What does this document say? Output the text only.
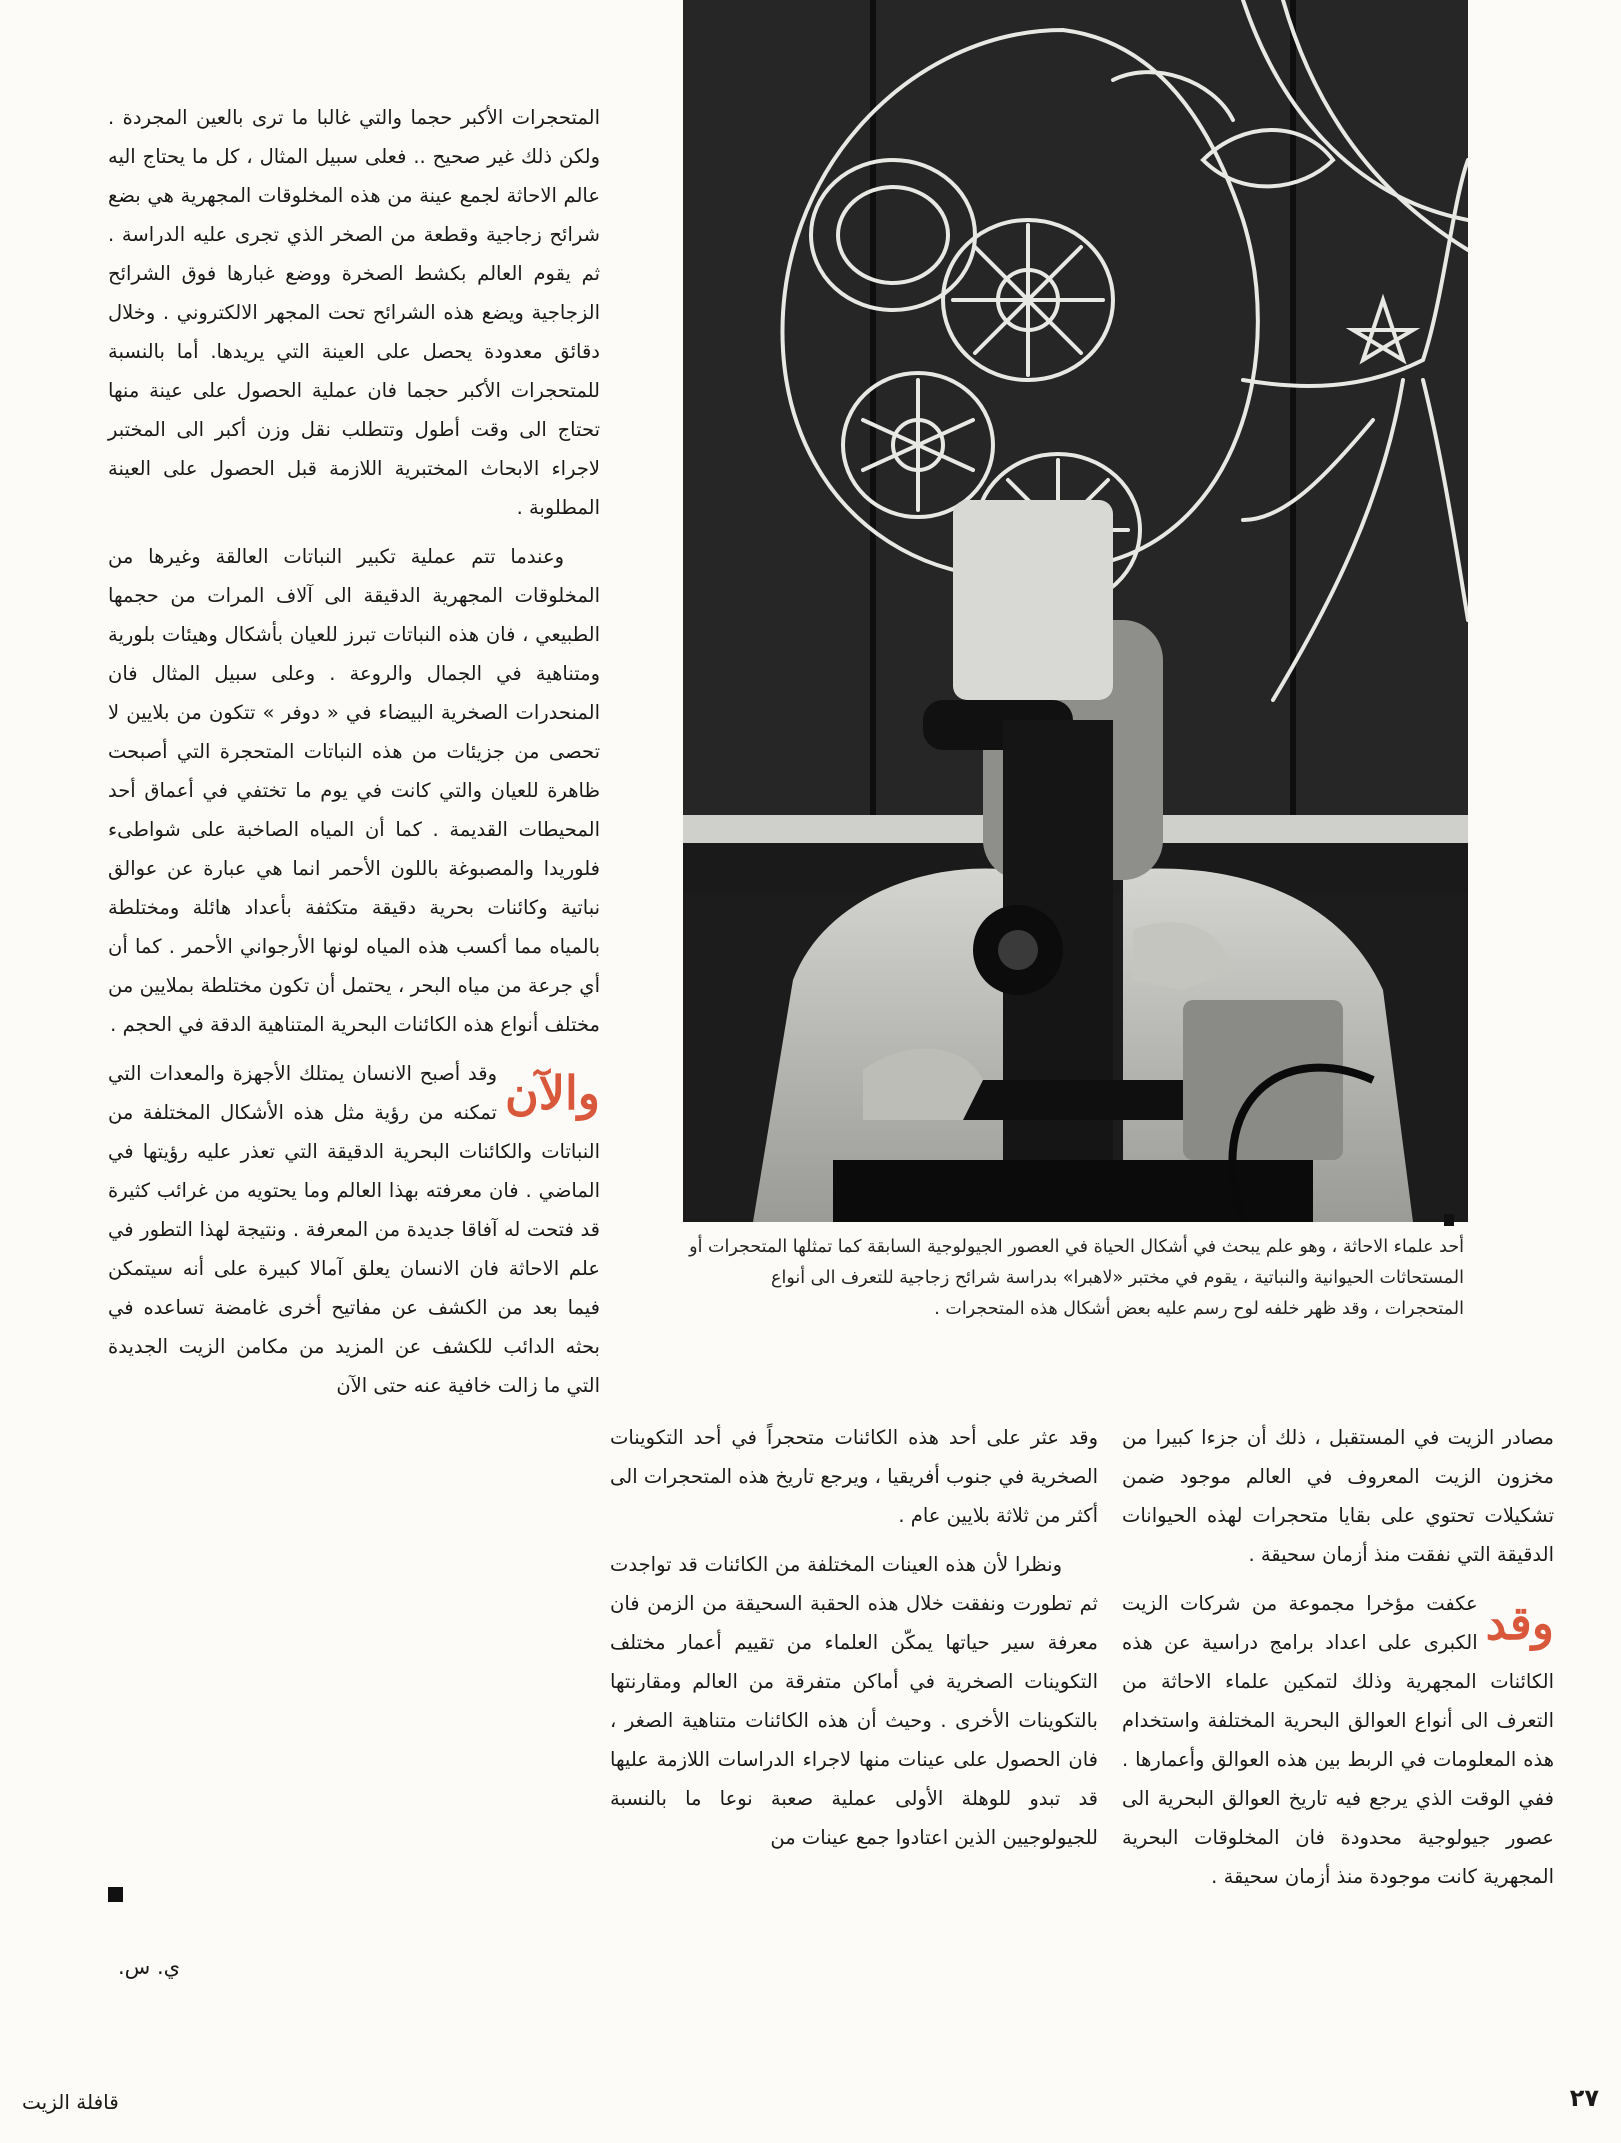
المتحجرات الأكبر حجما والتي غالبا ما ترى بالعين المجردة . ولكن ذلك غير صحيح .. فعلى سبيل المثال ، كل ما يحتاج اليه عالم الاحاثة لجمع عينة من هذه المخلوقات المجهرية هي بضع شرائح زجاجية وقطعة من الصخر الذي تجرى عليه الدراسة . ثم يقوم العالم بكشط الصخرة ووضع غبارها فوق الشرائح الزجاجية ويضع هذه الشرائح تحت المجهر الالكتروني . وخلال دقائق معدودة يحصل على العينة التي يريدها. أما بالنسبة للمتحجرات الأكبر حجما فان عملية الحصول على عينة منها تحتاج الى وقت أطول وتتطلب نقل وزن أكبر الى المختبر لاجراء الابحاث المختبرية اللازمة قبل الحصول على العينة المطلوبة .

وعندما تتم عملية تكبير النباتات العالقة وغيرها من المخلوقات المجهرية الدقيقة الى آلاف المرات من حجمها الطبيعي ، فان هذه النباتات تبرز للعيان بأشكال وهيئات بلورية ومتناهية في الجمال والروعة . وعلى سبيل المثال فان المنحدرات الصخرية البيضاء في « دوفر » تتكون من بلايين لا تحصى من جزيئات من هذه النباتات المتحجرة التي أصبحت ظاهرة للعيان والتي كانت في يوم ما تختفي في أعماق أحد المحيطات القديمة . كما أن المياه الصاخبة على شواطىء فلوريدا والمصبوغة باللون الأحمر انما هي عبارة عن عوالق نباتية وكائنات بحرية دقيقة متكثفة بأعداد هائلة ومختلطة بالمياه مما أكسب هذه المياه لونها الأرجواني الأحمر . كما أن أي جرعة من مياه البحر ، يحتمل أن تكون مختلطة بملايين من مختلف أنواع هذه الكائنات البحرية المتناهية الدقة في الحجم .

والآن
وقد أصبح الانسان يمتلك الأجهزة والمعدات التي تمكنه من رؤية مثل هذه الأشكال المختلفة من النباتات والكائنات البحرية الدقيقة التي تعذر عليه رؤيتها في الماضي . فان معرفته بهذا العالم وما يحتويه من غرائب كثيرة قد فتحت له آفاقا جديدة من المعرفة . ونتيجة لهذا التطور في علم الاحاثة فان الانسان يعلق آمالا كبيرة على أنه سيتمكن فيما بعد من الكشف عن مفاتيح أخرى غامضة تساعده في بحثه الدائب للكشف عن المزيد من مكامن الزيت الجديدة التي ما زالت خافية عنه حتى الآن

ي. س.
أحد علماء الاحاثة ، وهو علم يبحث في أشكال الحياة في العصور الجيولوجية السابقة كما تمثلها المتحجرات أو المستحاثات الحيوانية والنباتية ، يقوم في مختبر «لاهبرا» بدراسة شرائح زجاجية للتعرف الى أنواع المتحجرات ، وقد ظهر خلفه لوح رسم عليه بعض أشكال هذه المتحجرات .

وقد عثر على أحد هذه الكائنات متحجراً في أحد التكوينات الصخرية في جنوب أفريقيا ، ويرجع تاريخ هذه المتحجرات الى أكثر من ثلاثة بلايين عام .

ونظرا لأن هذه العينات المختلفة من الكائنات قد تواجدت ثم تطورت ونفقت خلال هذه الحقبة السحيقة من الزمن فان معرفة سير حياتها يمكّن العلماء من تقييم أعمار مختلف التكوينات الصخرية في أماكن متفرقة من العالم ومقارنتها بالتكوينات الأخرى . وحيث أن هذه الكائنات متناهية الصغر ، فان الحصول على عينات منها لاجراء الدراسات اللازمة عليها قد تبدو للوهلة الأولى عملية صعبة نوعا ما بالنسبة للجيولوجيين الذين اعتادوا جمع عينات من

مصادر الزيت في المستقبل ، ذلك أن جزءا كبيرا من مخزون الزيت المعروف في العالم موجود ضمن تشكيلات تحتوي على بقايا متحجرات لهذه الحيوانات الدقيقة التي نفقت منذ أزمان سحيقة .

وقد
عكفت مؤخرا مجموعة من شركات الزيت الكبرى على اعداد برامج دراسية عن هذه الكائنات المجهرية وذلك لتمكين علماء الاحاثة من التعرف الى أنواع العوالق البحرية المختلفة واستخدام هذه المعلومات في الربط بين هذه العوالق وأعمارها . ففي الوقت الذي يرجع فيه تاريخ العوالق البحرية الى عصور جيولوجية محدودة فان المخلوقات البحرية المجهرية كانت موجودة منذ أزمان سحيقة .

قافلة الزيت	٢٧
